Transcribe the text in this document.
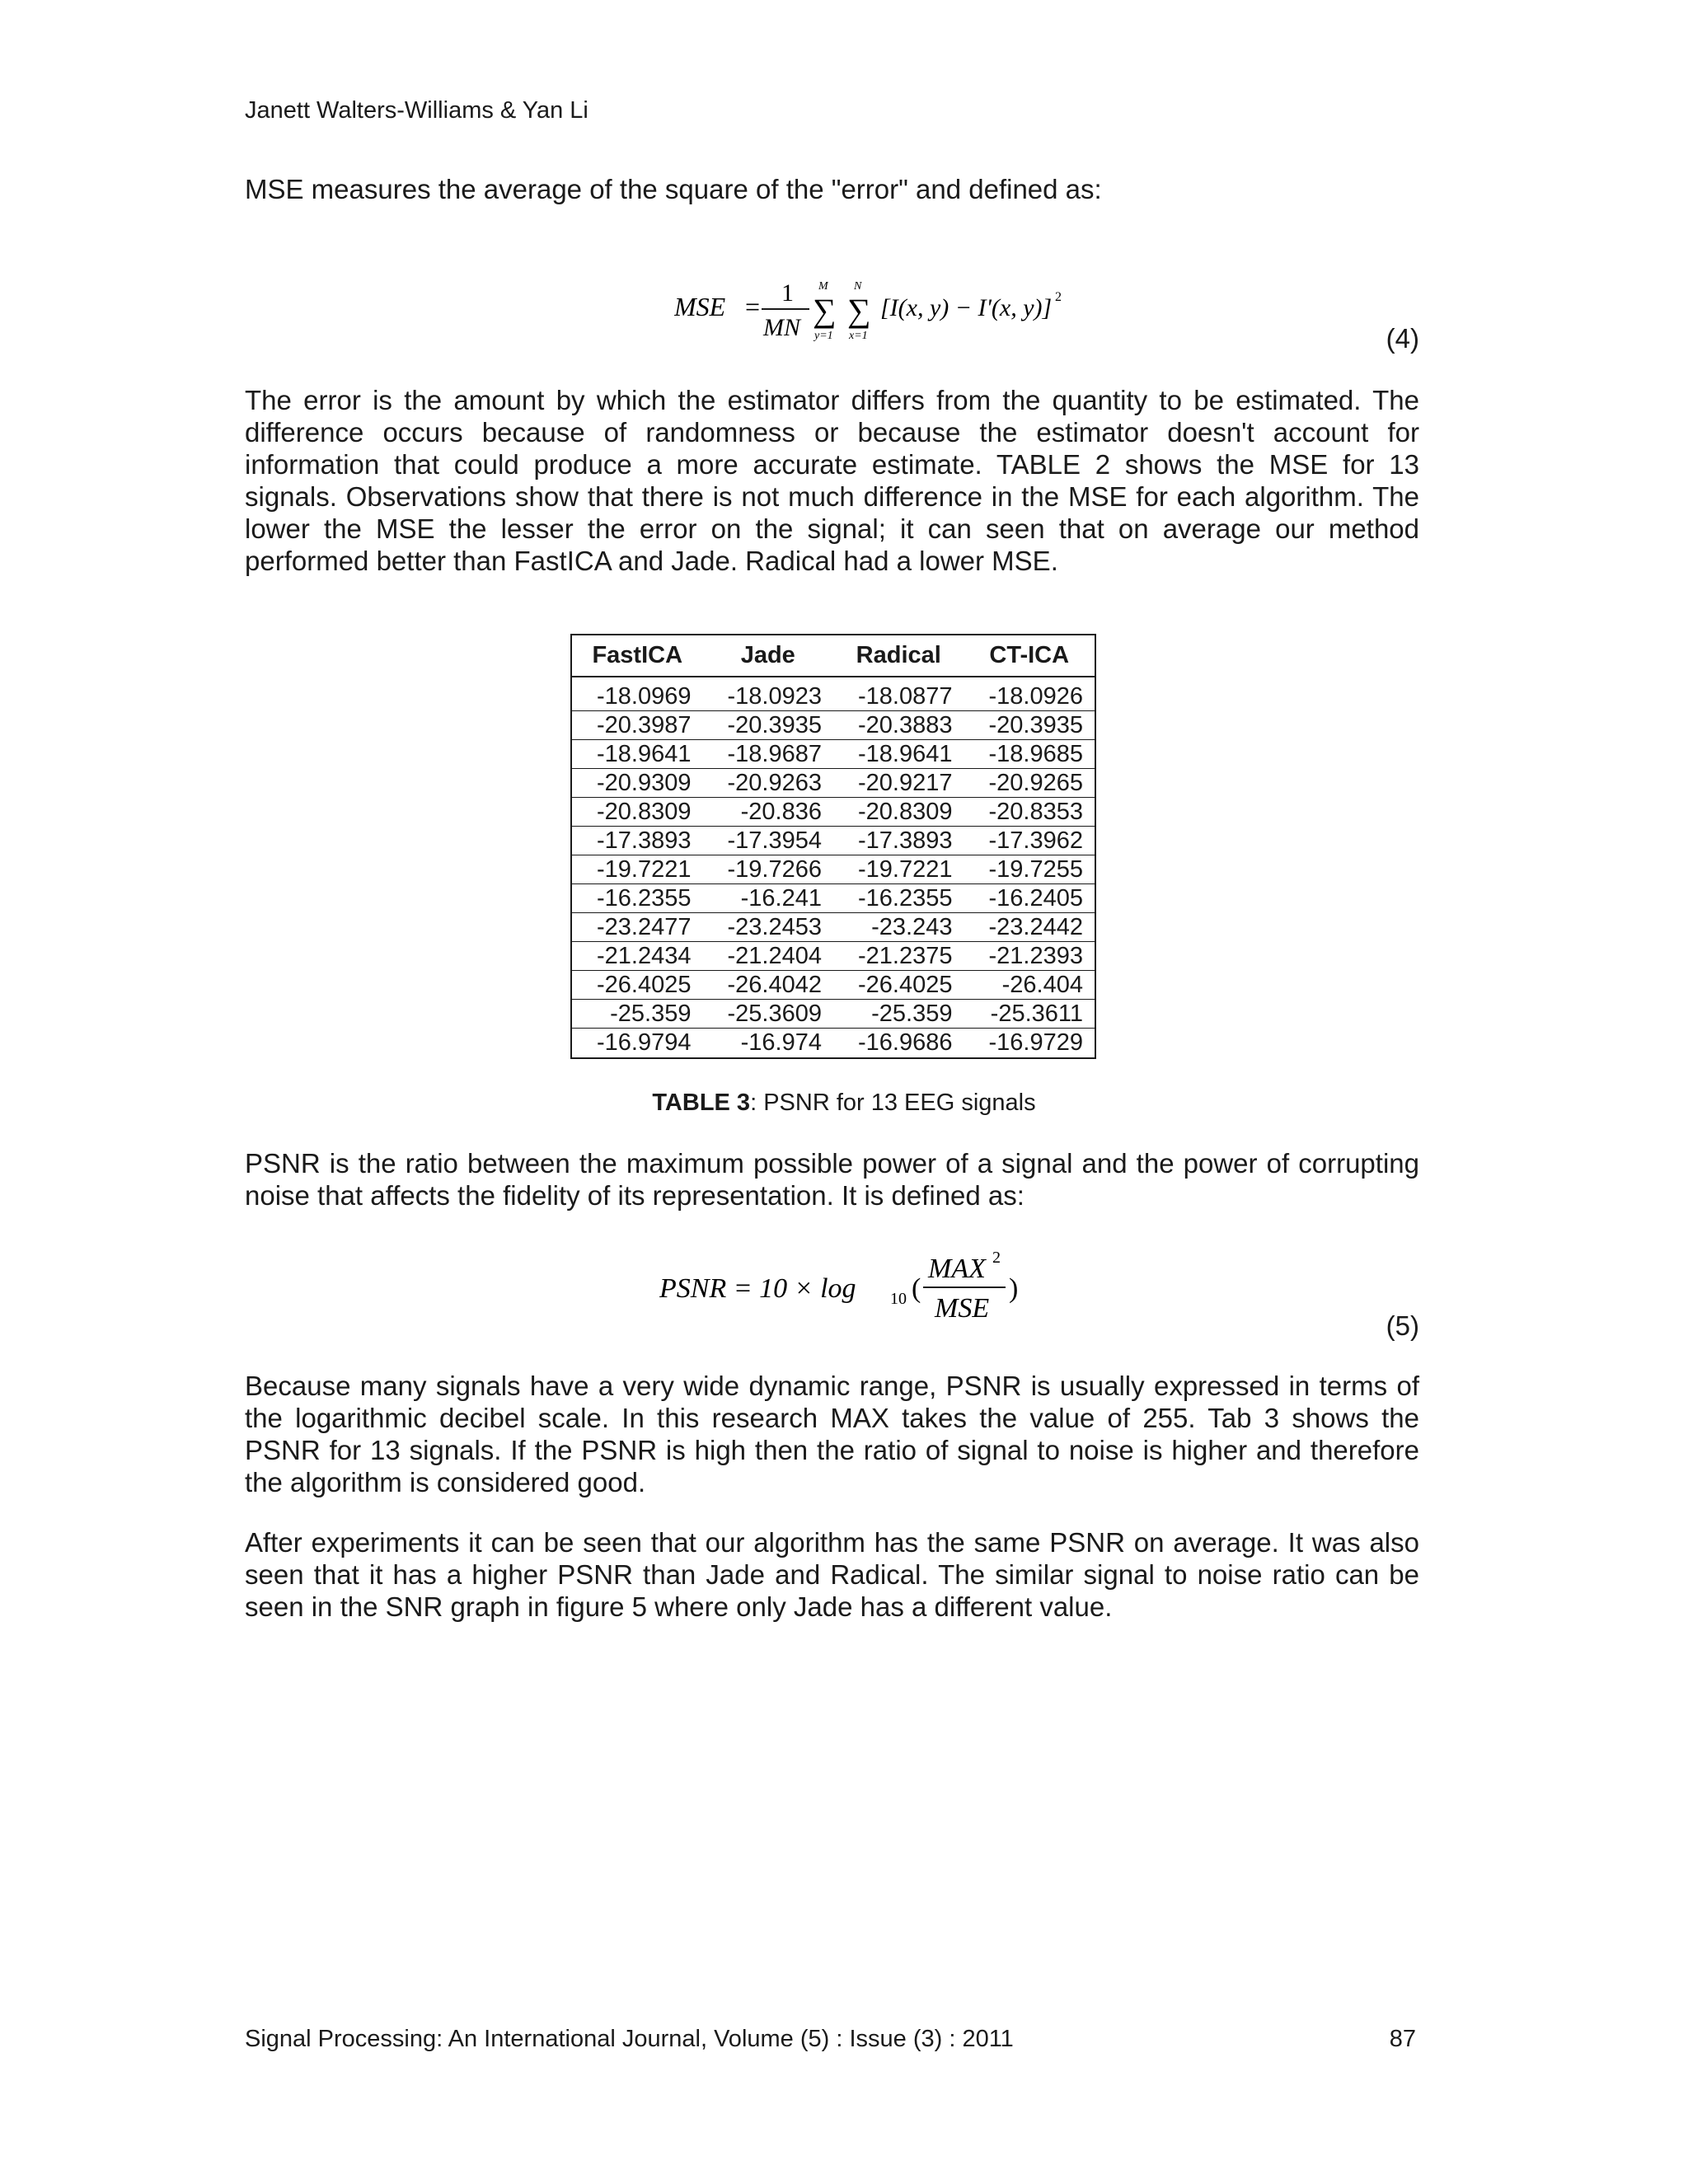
Janett Walters-Williams & Yan Li

MSE measures the average of the square of the "error" and defined as:

MSE = 1
MN
M
∑
y=1
N
∑
x=1
[I(x, y) − I'(x, y)] 2
(4)

The error is the amount by which the estimator differs from the quantity to be estimated. The difference occurs because of randomness or because the estimator doesn't account for information that could produce a more accurate estimate. TABLE 2 shows the MSE for 13 signals. Observations show that there is not much difference in the MSE for each algorithm. The lower the MSE the lesser the error on the signal; it can seen that on average our method performed better than FastICA and Jade. Radical had a lower MSE.

FastICA	Jade	Radical	CT-ICA
-18.0969	-18.0923	-18.0877	-18.0926
-20.3987	-20.3935	-20.3883	-20.3935
-18.9641	-18.9687	-18.9641	-18.9685
-20.9309	-20.9263	-20.9217	-20.9265
-20.8309	-20.836	-20.8309	-20.8353
-17.3893	-17.3954	-17.3893	-17.3962
-19.7221	-19.7266	-19.7221	-19.7255
-16.2355	-16.241	-16.2355	-16.2405
-23.2477	-23.2453	-23.243	-23.2442
-21.2434	-21.2404	-21.2375	-21.2393
-26.4025	-26.4042	-26.4025	-26.404
-25.359	-25.3609	-25.359	-25.3611
-16.9794	-16.974	-16.9686	-16.9729
TABLE 3: PSNR for 13 EEG signals

PSNR is the ratio between the maximum possible power of a signal and the power of corrupting noise that affects the fidelity of its representation. It is defined as:

PSNR = 10 × log 10 (
MAX 2
MSE
)
(5)

Because many signals have a very wide dynamic range, PSNR is usually expressed in terms of the logarithmic decibel scale. In this research MAX takes the value of 255. Tab 3 shows the PSNR for 13 signals. If the PSNR is high then the ratio of signal to noise is higher and therefore the algorithm is considered good.

After experiments it can be seen that our algorithm has the same PSNR on average. It was also seen that it has a higher PSNR than Jade and Radical. The similar signal to noise ratio can be seen in the SNR graph in figure 5 where only Jade has a different value.

Signal Processing: An International Journal, Volume (5) : Issue (3) : 2011	87
